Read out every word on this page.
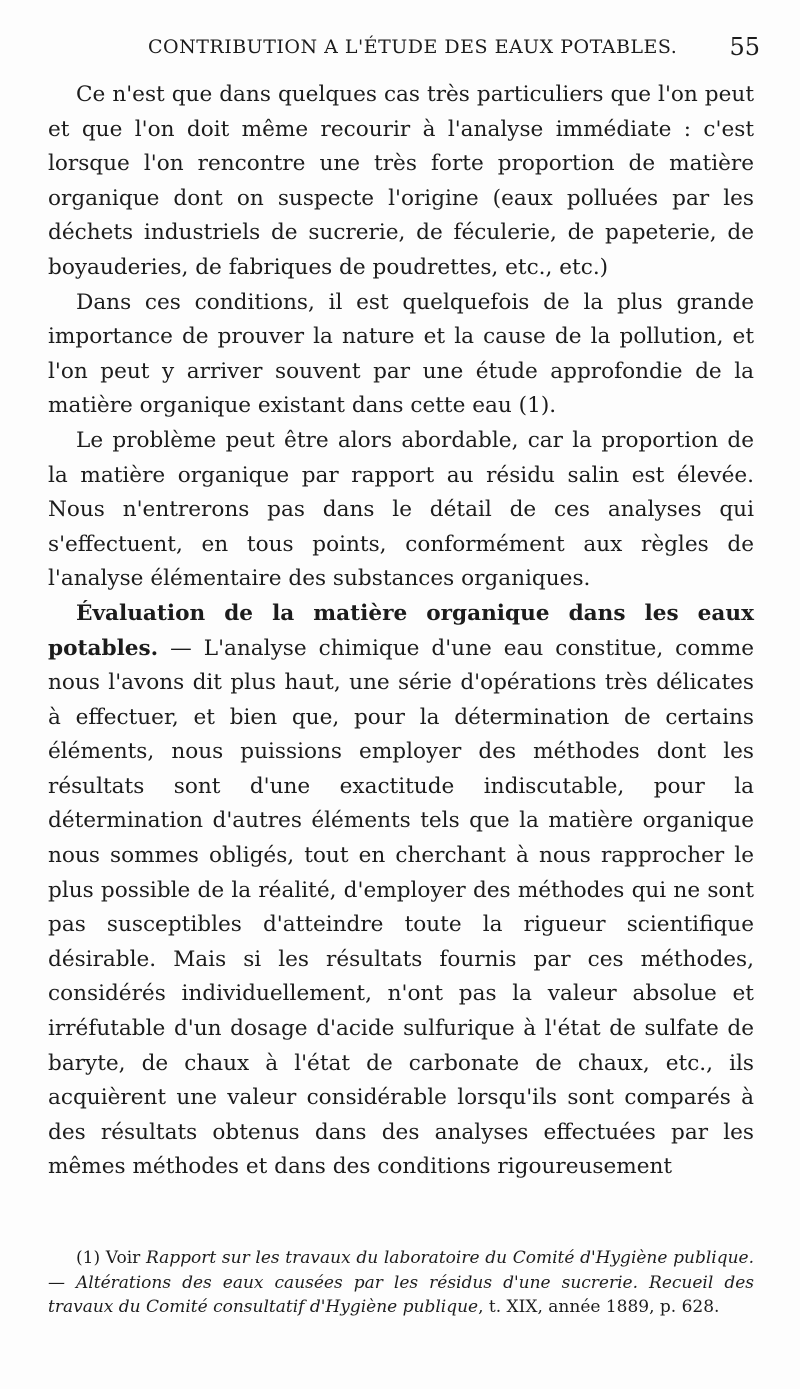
CONTRIBUTION A L'ÉTUDE DES EAUX POTABLES. 55

Ce n'est que dans quelques cas très particuliers que l'on peut et que l'on doit même recourir à l'analyse immédiate : c'est lorsque l'on rencontre une très forte proportion de matière organique dont on suspecte l'origine (eaux polluées par les déchets industriels de sucrerie, de féculerie, de papeterie, de boyauderies, de fabriques de poudrettes, etc., etc.)

Dans ces conditions, il est quelquefois de la plus grande importance de prouver la nature et la cause de la pollution, et l'on peut y arriver souvent par une étude approfondie de la matière organique existant dans cette eau (1).

Le problème peut être alors abordable, car la proportion de la matière organique par rapport au résidu salin est élevée. Nous n'entrerons pas dans le détail de ces analyses qui s'effectuent, en tous points, conformément aux règles de l'analyse élémentaire des substances organiques.

Évaluation de la matière organique dans les eaux potables. — L'analyse chimique d'une eau constitue, comme nous l'avons dit plus haut, une série d'opérations très délicates à effectuer, et bien que, pour la détermination de certains éléments, nous puissions employer des méthodes dont les résultats sont d'une exactitude indiscutable, pour la détermination d'autres éléments tels que la matière organique nous sommes obligés, tout en cherchant à nous rapprocher le plus possible de la réalité, d'employer des méthodes qui ne sont pas susceptibles d'atteindre toute la rigueur scientifique désirable. Mais si les résultats fournis par ces méthodes, considérés individuellement, n'ont pas la valeur absolue et irréfutable d'un dosage d'acide sulfurique à l'état de sulfate de baryte, de chaux à l'état de carbonate de chaux, etc., ils acquièrent une valeur considérable lorsqu'ils sont comparés à des résultats obtenus dans des analyses effectuées par les mêmes méthodes et dans des conditions rigoureusement

(1) Voir Rapport sur les travaux du laboratoire du Comité d'Hygiène publique. — Altérations des eaux causées par les résidus d'une sucrerie. Recueil des travaux du Comité consultatif d'Hygiène publique, t. XIX, année 1889, p. 628.
